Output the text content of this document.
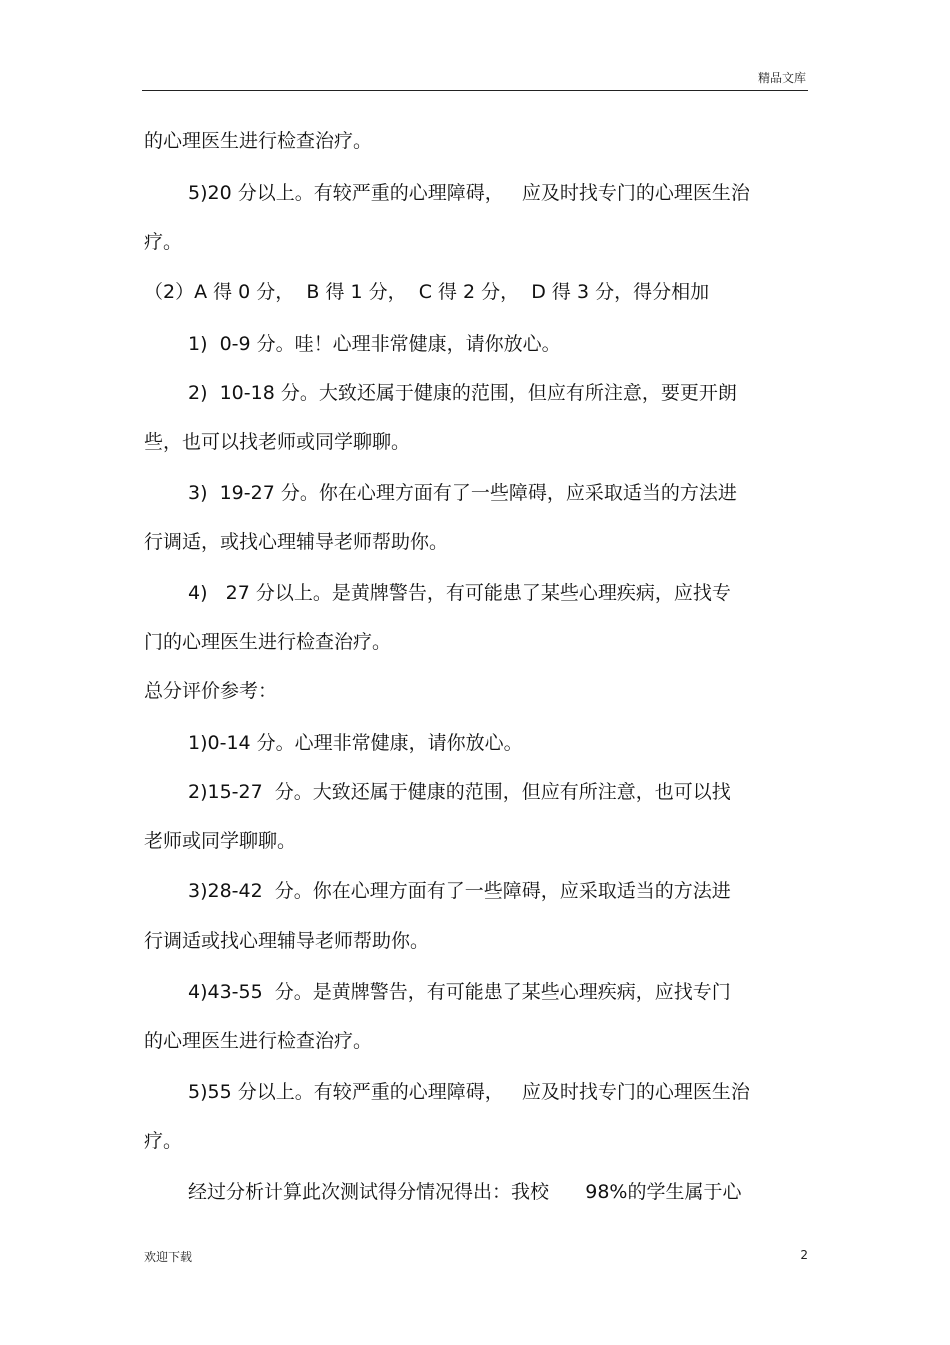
精品文库
的心理医生进行检查治疗。
5)20 分以上。有较严重的心理障碍，   应及时找专门的心理医生治
疗。
（2）A 得 0 分，  B 得 1 分，  C 得 2 分，  D 得 3 分，得分相加
1)  0-9 分。哇！心理非常健康，请你放心。
2)  10-18 分。大致还属于健康的范围，但应有所注意，要更开朗
些，也可以找老师或同学聊聊。
3)  19-27 分。你在心理方面有了一些障碍，应采取适当的方法进
行调适，或找心理辅导老师帮助你。
4)   27 分以上。是黄牌警告，有可能患了某些心理疾病，应找专
门的心理医生进行检查治疗。
总分评价参考：
1)0-14 分。心理非常健康，请你放心。
2)15-27  分。大致还属于健康的范围，但应有所注意，也可以找
老师或同学聊聊。
3)28-42  分。你在心理方面有了一些障碍，应采取适当的方法进
行调适或找心理辅导老师帮助你。
4)43-55  分。是黄牌警告，有可能患了某些心理疾病，应找专门
的心理医生进行检查治疗。
5)55 分以上。有较严重的心理障碍，   应及时找专门的心理医生治
疗。
经过分析计算此次测试得分情况得出：我校      98%的学生属于心
欢迎下载	2
